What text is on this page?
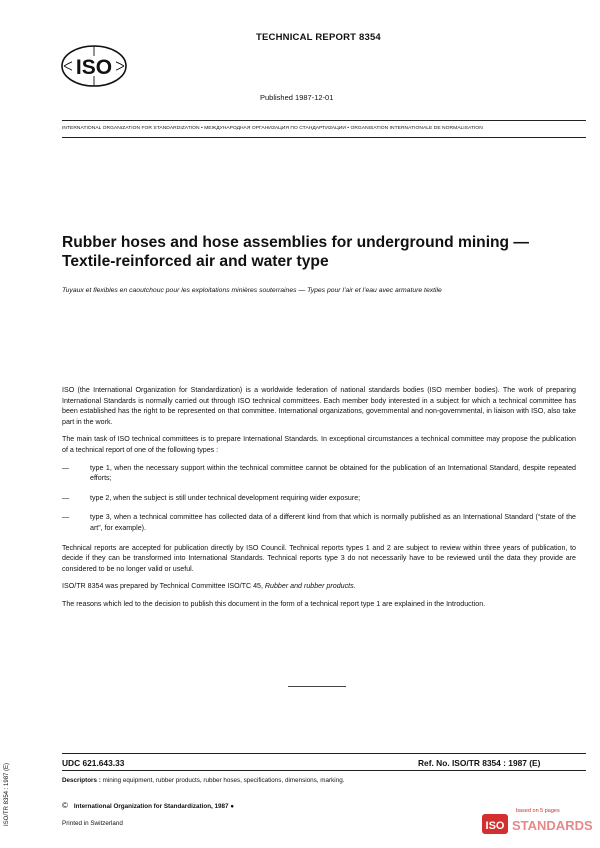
TECHNICAL REPORT 8354
ISO
Published 1987-12-01
INTERNATIONAL ORGANIZATION FOR STANDARDIZATION • МЕЖДУНАРОДНАЯ ОРГАНИЗАЦИЯ ПО СТАНДАРТИЗАЦИИ • ORGANISATION INTERNATIONALE DE NORMALISATION
Rubber hoses and hose assemblies for underground mining — Textile-reinforced air and water type
Tuyaux et flexibles en caoutchouc pour les exploitations minières souterraines — Types pour l’air et l’eau avec armature textile

ISO (the International Organization for Standardization) is a worldwide federation of national standards bodies (ISO member bodies). The work of preparing International Standards is normally carried out through ISO technical committees. Each member body interested in a subject for which a technical committee has been established has the right to be represented on that committee. International organizations, governmental and non-governmental, in liaison with ISO, also take part in the work.

The main task of ISO technical committees is to prepare International Standards. In exceptional circumstances a technical committee may propose the publication of a technical report of one of the following types :

—	type 1, when the necessary support within the technical committee cannot be obtained for the publication of an International Standard, despite repeated efforts;
—	type 2, when the subject is still under technical development requiring wider exposure;
—	type 3, when a technical committee has collected data of a different kind from that which is normally published as an International Standard (“state of the art”, for example).

Technical reports are accepted for publication directly by ISO Council. Technical reports types 1 and 2 are subject to review within three years of publication, to decide if they can be transformed into International Standards. Technical reports type 3 do not necessarily have to be reviewed until the data they provide are considered to be no longer valid or useful.

ISO/TR 8354 was prepared by Technical Committee ISO/TC 45, Rubber and rubber products.

The reasons which led to the decision to publish this document in the form of a technical report type 1 are explained in the Introduction.

UDC 621.643.33	Ref. No. ISO/TR 8354 : 1987 (E)
Descriptors : mining equipment, rubber products, rubber hoses, specifications, dimensions, marking.
© International Organization for Standardization, 1987 ●
Printed in Switzerland
ISO/TR 8354 : 1987 (E)	based on 5 pages
ISO STANDARDS
